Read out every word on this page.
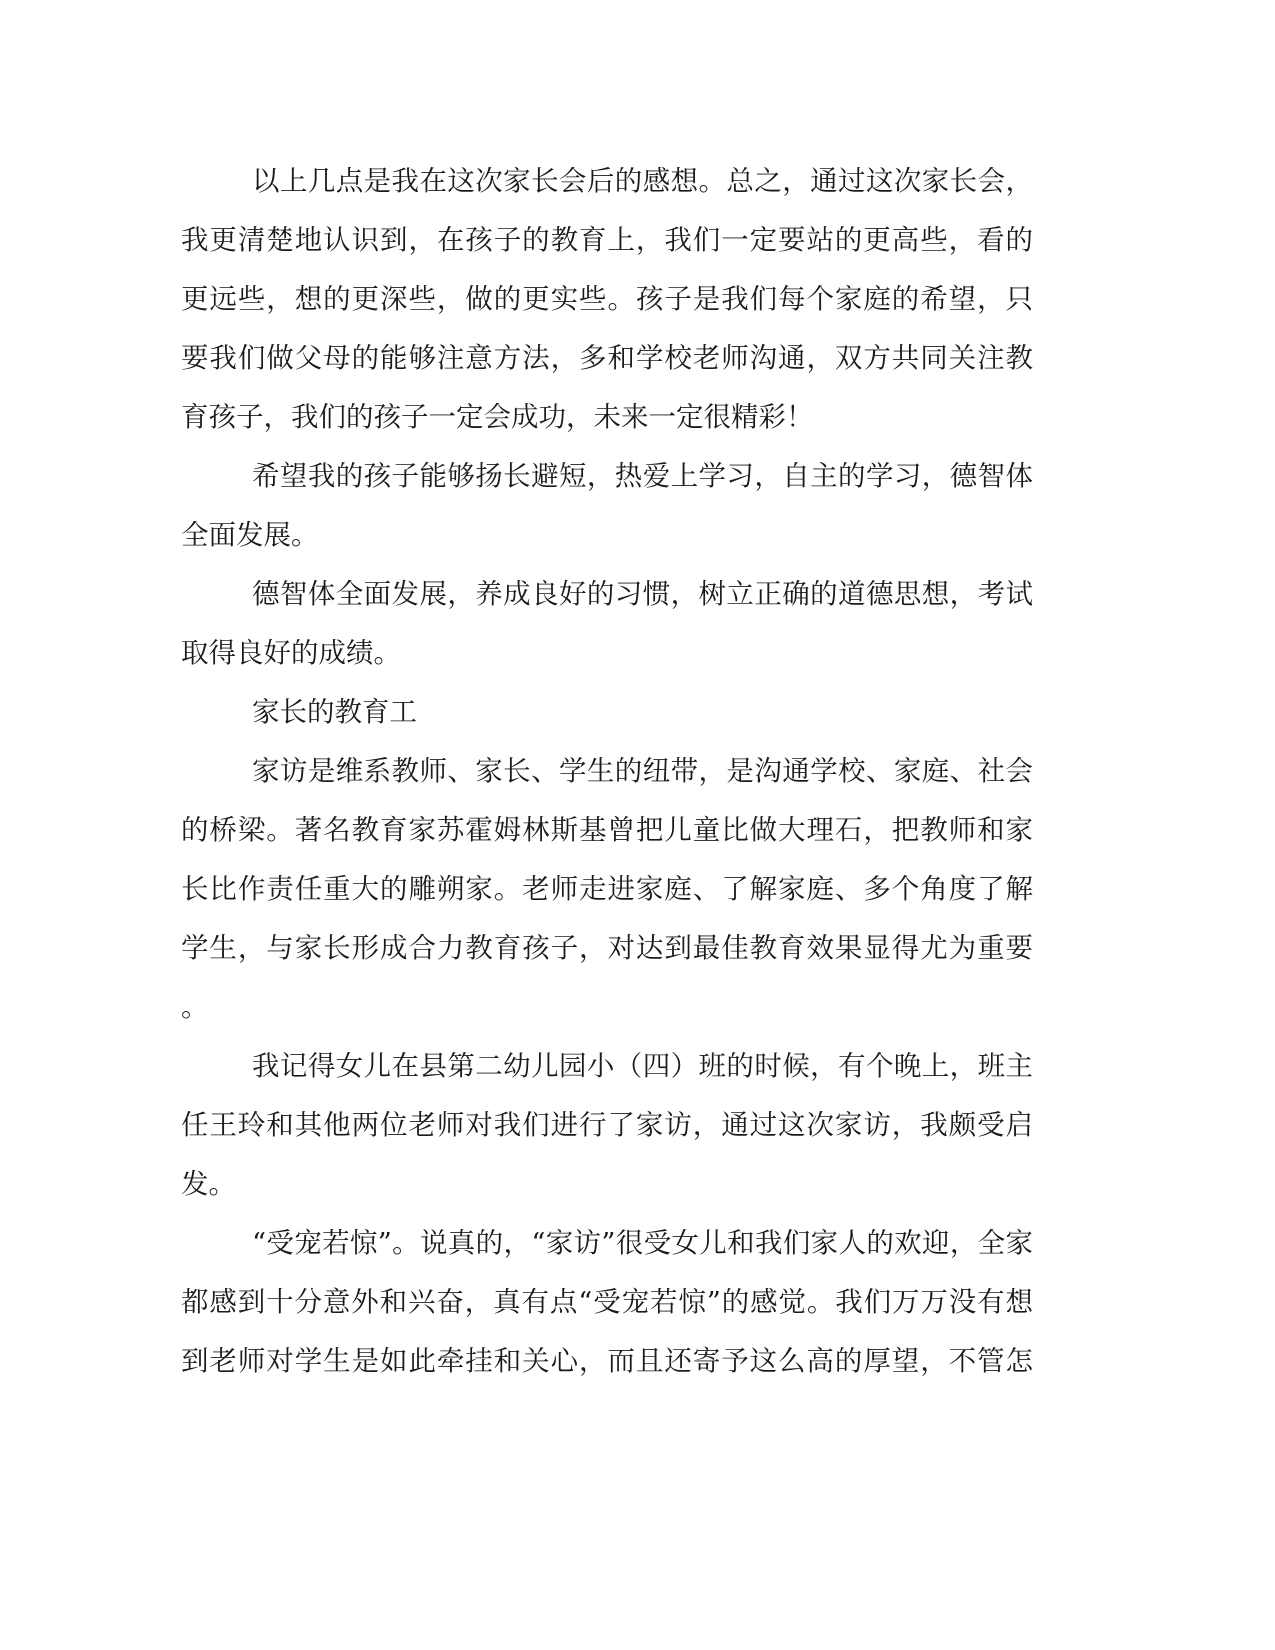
以上几点是我在这次家长会后的感想。总之，通过这次家长会，
我更清楚地认识到，在孩子的教育上，我们一定要站的更高些，看的
更远些，想的更深些，做的更实些。孩子是我们每个家庭的希望，只
要我们做父母的能够注意方法，多和学校老师沟通，双方共同关注教
育孩子，我们的孩子一定会成功，未来一定很精彩！
希望我的孩子能够扬长避短，热爱上学习，自主的学习，德智体
全面发展。
德智体全面发展，养成良好的习惯，树立正确的道德思想，考试
取得良好的成绩。
家长的教育工
家访是维系教师、家长、学生的纽带，是沟通学校、家庭、社会
的桥梁。著名教育家苏霍姆林斯基曾把儿童比做大理石，把教师和家
长比作责任重大的雕朔家。老师走进家庭、了解家庭、多个角度了解
学生，与家长形成合力教育孩子，对达到最佳教育效果显得尤为重要
。
我记得女儿在县第二幼儿园小（四）班的时候，有个晚上，班主
任王玲和其他两位老师对我们进行了家访，通过这次家访，我颇受启
发。
“受宠若惊”。说真的，“家访”很受女儿和我们家人的欢迎，全家
都感到十分意外和兴奋，真有点“受宠若惊”的感觉。我们万万没有想
到老师对学生是如此牵挂和关心，而且还寄予这么高的厚望，不管怎
